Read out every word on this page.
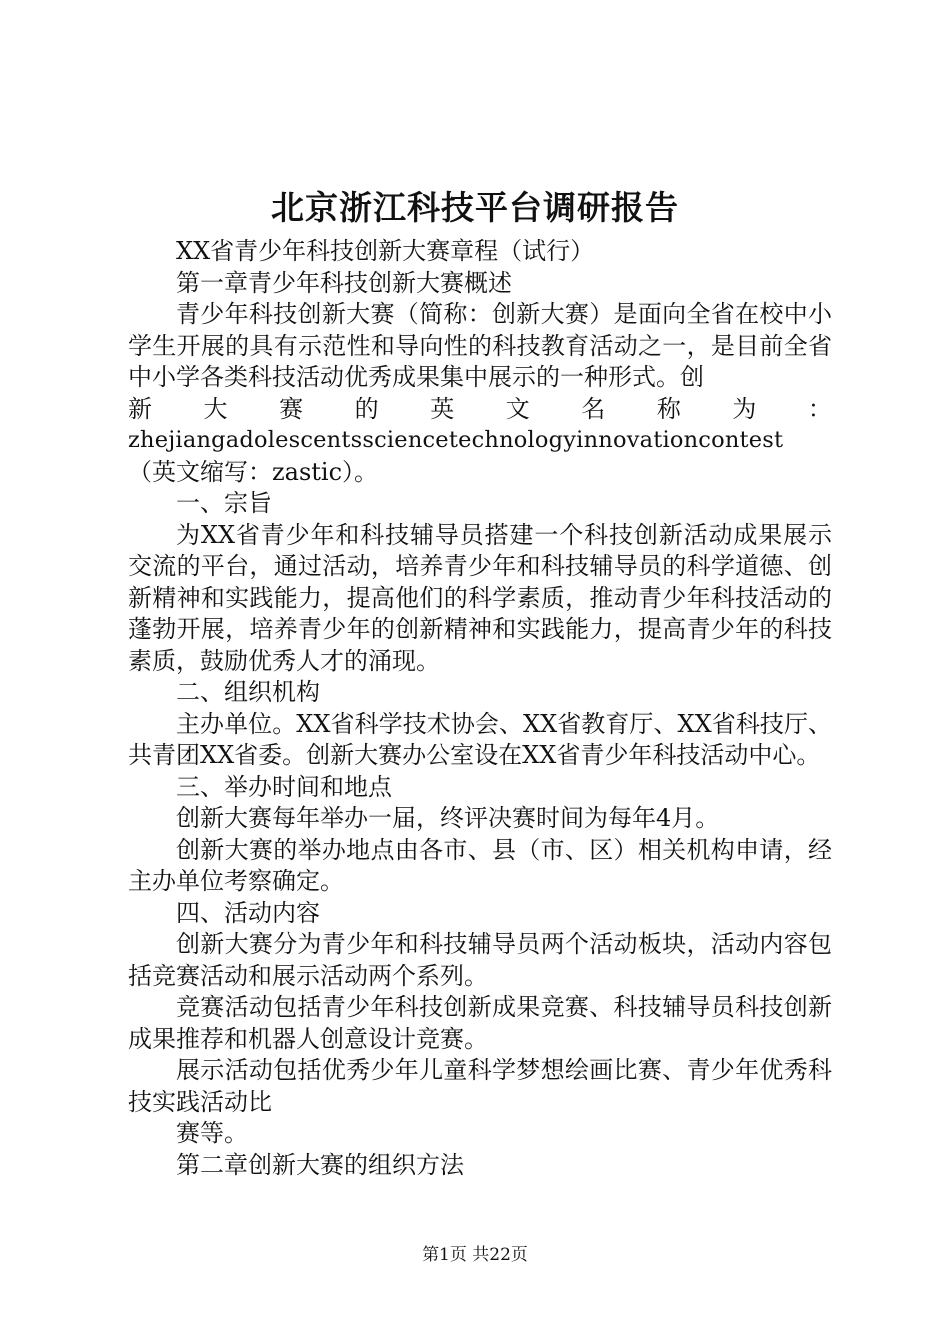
北京浙江科技平台调研报告

XX省青少年科技创新大赛章程（试行）

第一章青少年科技创新大赛概述

青少年科技创新大赛（简称：创新大赛）是面向全省在校中小学生开展的具有示范性和导向性的科技教育活动之一，是目前全省中小学各类科技活动优秀成果集中展示的一种形式。创

新 大 赛 的 英 文 名 称 为 ：

zhejiangadolescentssciencetechnologyinnovationcontest

（英文缩写：zastic）。

一、宗旨

为XX省青少年和科技辅导员搭建一个科技创新活动成果展示交流的平台，通过活动，培养青少年和科技辅导员的科学道德、创新精神和实践能力，提高他们的科学素质，推动青少年科技活动的蓬勃开展，培养青少年的创新精神和实践能力，提高青少年的科技素质，鼓励优秀人才的涌现。

二、组织机构

主办单位。XX省科学技术协会、XX省教育厅、XX省科技厅、共青团XX省委。创新大赛办公室设在XX省青少年科技活动中心。

三、举办时间和地点

创新大赛每年举办一届，终评决赛时间为每年4月。

创新大赛的举办地点由各市、县（市、区）相关机构申请，经主办单位考察确定。

四、活动内容

创新大赛分为青少年和科技辅导员两个活动板块，活动内容包括竞赛活动和展示活动两个系列。

竞赛活动包括青少年科技创新成果竞赛、科技辅导员科技创新成果推荐和机器人创意设计竞赛。

展示活动包括优秀少年儿童科学梦想绘画比赛、青少年优秀科技实践活动比

赛等。

第二章创新大赛的组织方法

第1页 共22页
